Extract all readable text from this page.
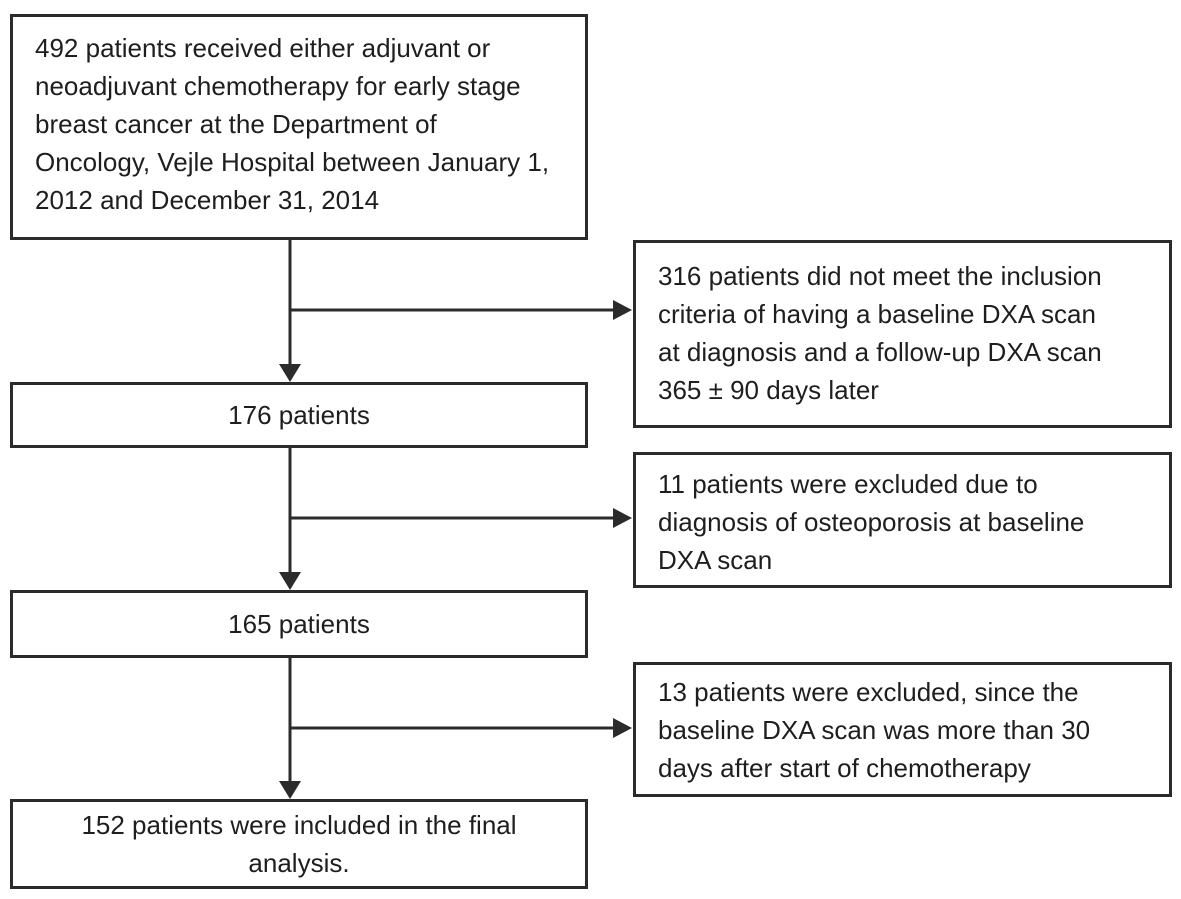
492 patients received either adjuvant or
neoadjuvant chemotherapy for early stage
breast cancer at the Department of
Oncology, Vejle Hospital between January 1,
2012 and December 31, 2014
176 patients
165 patients
152 patients were included in the final
analysis.
316 patients did not meet the inclusion
criteria of having a baseline DXA scan
at diagnosis and a follow-up DXA scan
365 ± 90 days later
11 patients were excluded due to
diagnosis of osteoporosis at baseline
DXA scan
13 patients were excluded, since the
baseline DXA scan was more than 30
days after start of chemotherapy
